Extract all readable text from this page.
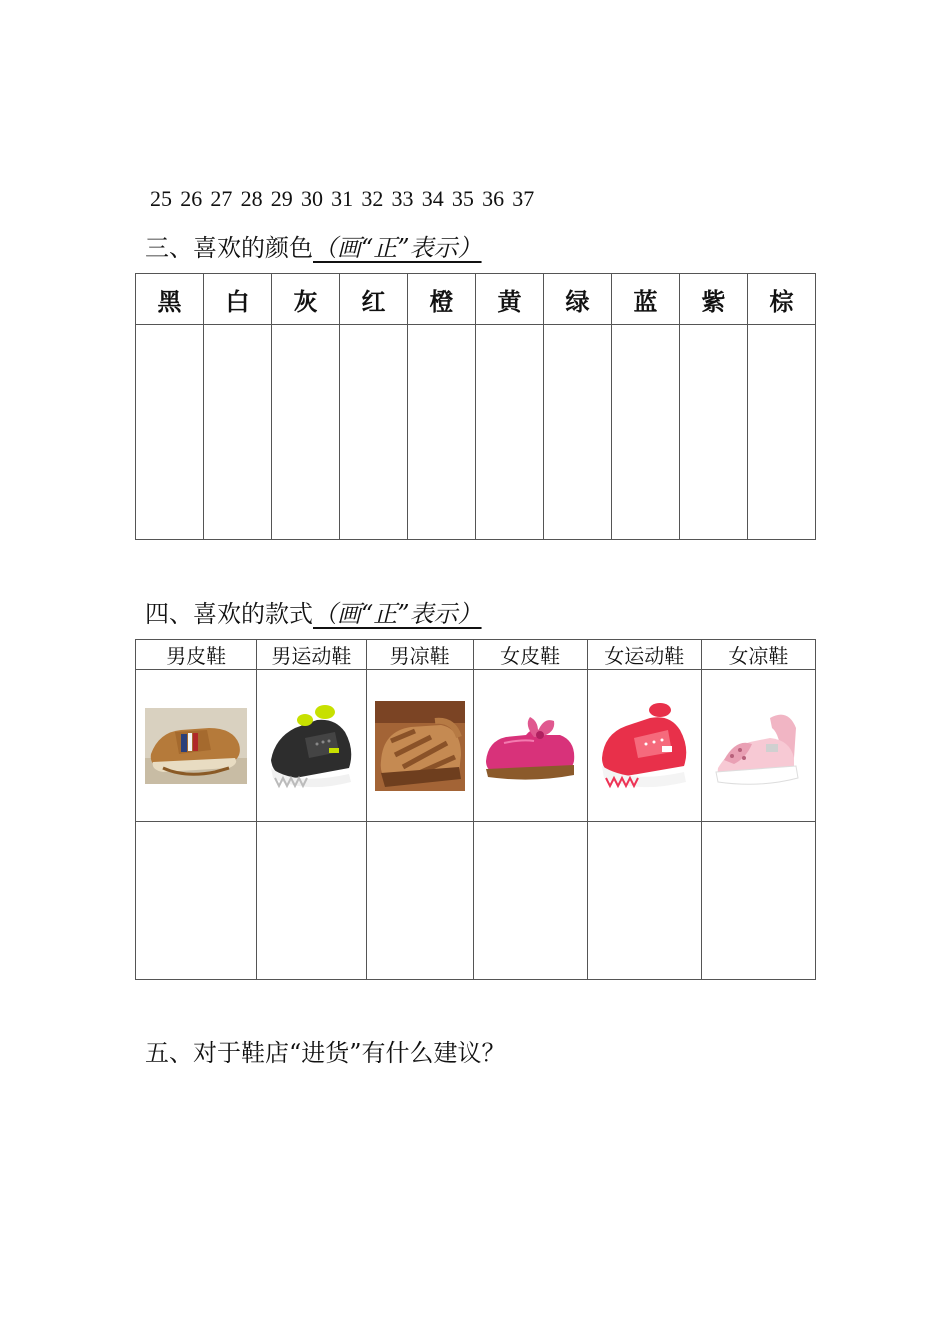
25 26 27 28 29 30 31 32 33 34 35 36 37
三、喜欢的颜色（画“正”表示）
黑	白	灰	红	橙	黄	绿	蓝	紫	棕

四、喜欢的款式（画“正”表示）
男皮鞋	男运动鞋	男凉鞋	女皮鞋	女运动鞋	女凉鞋

五、对于鞋店“进货”有什么建议？
